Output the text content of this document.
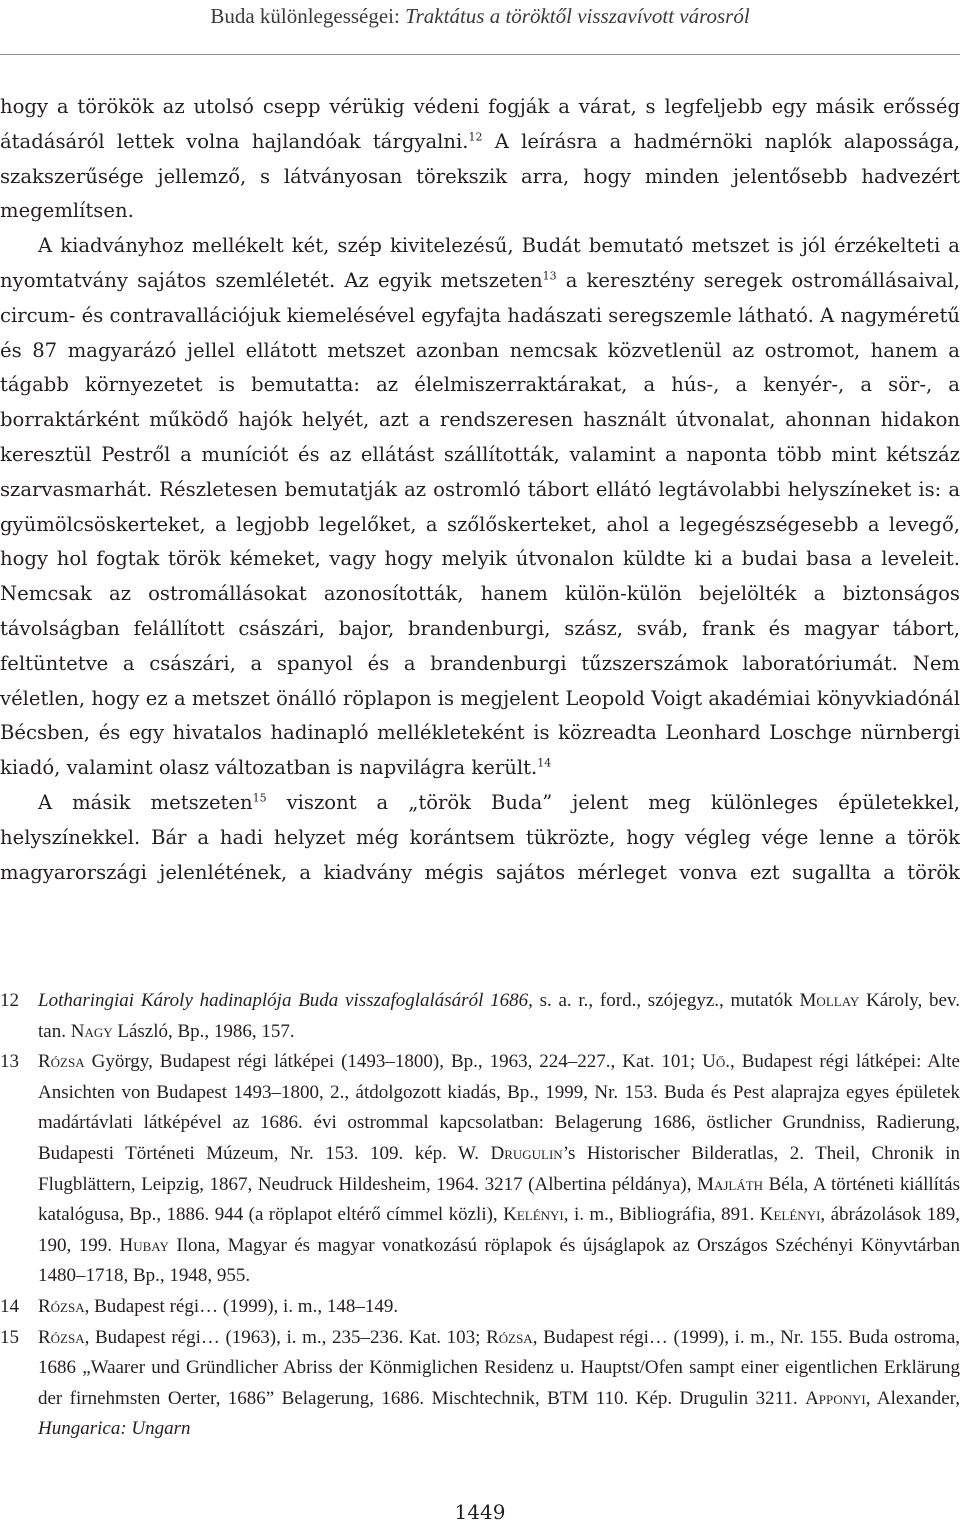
Buda különlegességei: Traktátus a töröktől visszavívott városról

hogy a törökök az utolsó csepp vérükig védeni fogják a várat, s legfeljebb egy másik erősség átadásáról lettek volna hajlandóak tárgyalni.$^{12}$ A leírásra a hadmérnöki naplók alapossága, szakszerűsége jellemző, s látványosan törekszik arra, hogy minden jelentősebb hadvezért megemlítsen.

A kiadványhoz mellékelt két, szép kivitelezésű, Budát bemutató metszet is jól érzékelteti a nyomtatvány sajátos szemléletét. Az egyik metszeten$^{13}$ a keresztény seregek ostromállásaival, circum- és contravallációjuk kiemelésével egyfajta hadászati seregszemle látható. A nagyméretű és 87 magyarázó jellel ellátott metszet azonban nemcsak közvetlenül az ostromot, hanem a tágabb környezetet is bemutatta: az élelmiszerraktárakat, a hús-, a kenyér-, a sör-, a borraktárként működő hajók helyét, azt a rendszeresen használt útvonalat, ahonnan hidakon keresztül Pestről a muníciót és az ellátást szállították, valamint a naponta több mint kétszáz szarvasmarhát. Részletesen bemutatják az ostromló tábort ellátó legtávolabbi helyszíneket is: a gyümölcsöskerteket, a legjobb legelőket, a szőlőskerteket, ahol a legegészségesebb a levegő, hogy hol fogtak török kémeket, vagy hogy melyik útvonalon küldte ki a budai basa a leveleit. Nemcsak az ostromállásokat azonosították, hanem külön-külön bejelölték a biztonságos távolságban felállított császári, bajor, brandenburgi, szász, sváb, frank és magyar tábort, feltüntetve a császári, a spanyol és a brandenburgi tűzszerszámok laboratóriumát. Nem véletlen, hogy ez a metszet önálló röplapon is megjelent Leopold Voigt akadémiai könyvkiadónál Bécsben, és egy hivatalos hadinapló mellékleteként is közreadta Leonhard Loschge nürnbergi kiadó, valamint olasz változatban is napvilágra került.$^{14}$

A másik metszeten$^{15}$ viszont a „török Buda” jelent meg különleges épületekkel, helyszínekkel. Bár a hadi helyzet még korántsem tükrözte, hogy végleg vége lenne a török magyarországi jelenlétének, a kiadvány mégis sajátos mérleget vonva ezt sugallta a török

12 Lotharingiai Károly hadinaplója Buda visszafoglalásáról 1686, s. a. r., ford., szójegyz., mutatók Mollay Károly, bev. tan. Nagy László, Bp., 1986, 157.
13 Rózsa György, Budapest régi látképei (1493–1800), Bp., 1963, 224–227., Kat. 101; Uő., Budapest régi látképei: Alte Ansichten von Budapest 1493–1800, 2., átdolgozott kiadás, Bp., 1999, Nr. 153. Buda és Pest alaprajza egyes épületek madártávlati látképével az 1686. évi ostrommal kapcsolatban: Belagerung 1686, östlicher Grundniss, Radierung, Budapesti Történeti Múzeum, Nr. 153. 109. kép. W. Drugulin’s Historischer Bilderatlas, 2. Theil, Chronik in Flugblättern, Leipzig, 1867, Neudruck Hildesheim, 1964. 3217 (Albertina példánya), Majláth Béla, A történeti kiállítás katalógusa, Bp., 1886. 944 (a röplapot eltérő címmel közli), Kelényi, i. m., Bibliográfia, 891. Kelényi, ábrázolások 189, 190, 199. Hubay Ilona, Magyar és magyar vonatkozású röplapok és újságlapok az Országos Széchényi Könyvtárban 1480–1718, Bp., 1948, 955.
14 Rózsa, Budapest régi… (1999), i. m., 148–149.
15 Rózsa, Budapest régi… (1963), i. m., 235–236. Kat. 103; Rózsa, Budapest régi… (1999), i. m., Nr. 155. Buda ostroma, 1686 „Waarer und Gründlicher Abriss der Könmiglichen Residenz u. Hauptst/Ofen sampt einer eigentlichen Erklärung der firnehmsten Oerter, 1686” Belagerung, 1686. Mischtechnik, BTM 110. Kép. Drugulin 3211. Apponyi, Alexander, Hungarica: Ungarn
1449
